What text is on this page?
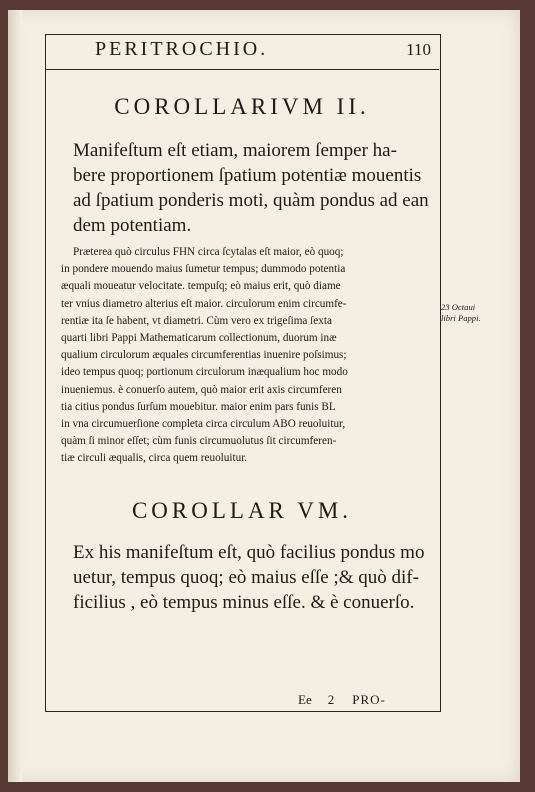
PERITROCHIO.	110
COROLLARIVM II.
Manifeſtum eſt etiam, maiorem ſemper ha-
bere proportionem ſpatium potentiæ mouentis
ad ſpatium ponderis moti, quàm pondus ad ean
dem potentiam.
Præterea quò circulus FHN circa ſcytalas eſt maior, eò quoq;
in pondere mouendo maius ſumetur tempus; dummodo potentia
æquali moueatur velocitate. tempuſq; eò maius erit, quò diame
ter vnius diametro alterius eſt maior. circulorum enim circumfe-
rentiæ ita ſe habent, vt diametri. Cùm vero ex trigeſima ſexta
quarti libri Pappi Mathematicarum collectionum, duorum inæ
qualium circulorum æquales circumferentias inuenire poſsimus;
ideo tempus quoq; portionum circulorum inæqualium hoc modo
inueniemus. è conuerſo autem, quò maior erit axis circumferen
tia citius pondus ſurſum mouebitur. maior enim pars funis BL
in vna circumuerſione completa circa circulum ABO reuoluitur,
quàm ſi minor eſſet; cùm funis circumuolutus ſit circumferen-
tiæ circuli æqualis, circa quem reuoluitur.
23 Octaui
libri Pappi.
COROLLAR VM.
Ex his manifeſtum eſt, quò facilius pondus mo
uetur, tempus quoq; eò maius eſſe ;& quò dif-
ficilius , eò tempus minus eſſe. & è conuerſo.
Ee 2 PRO-
